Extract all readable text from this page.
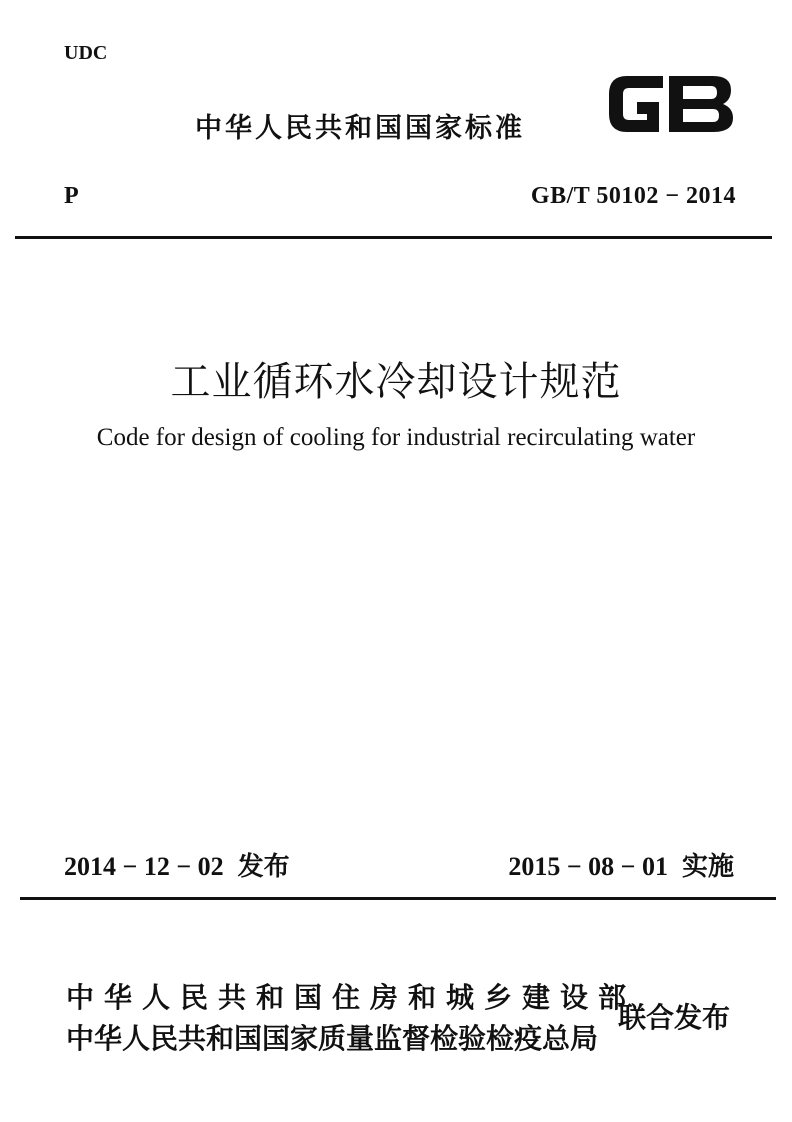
UDC
中华人民共和国国家标准
P	GB/T 50102 − 2014
工业循环水冷却设计规范
Code for design of cooling for industrial recirculating water
2014 − 12 − 02 发布	2015 − 08 − 01 实施
中华人民共和国住房和城乡建设部
中华人民共和国国家质量监督检验检疫总局
联合发布
